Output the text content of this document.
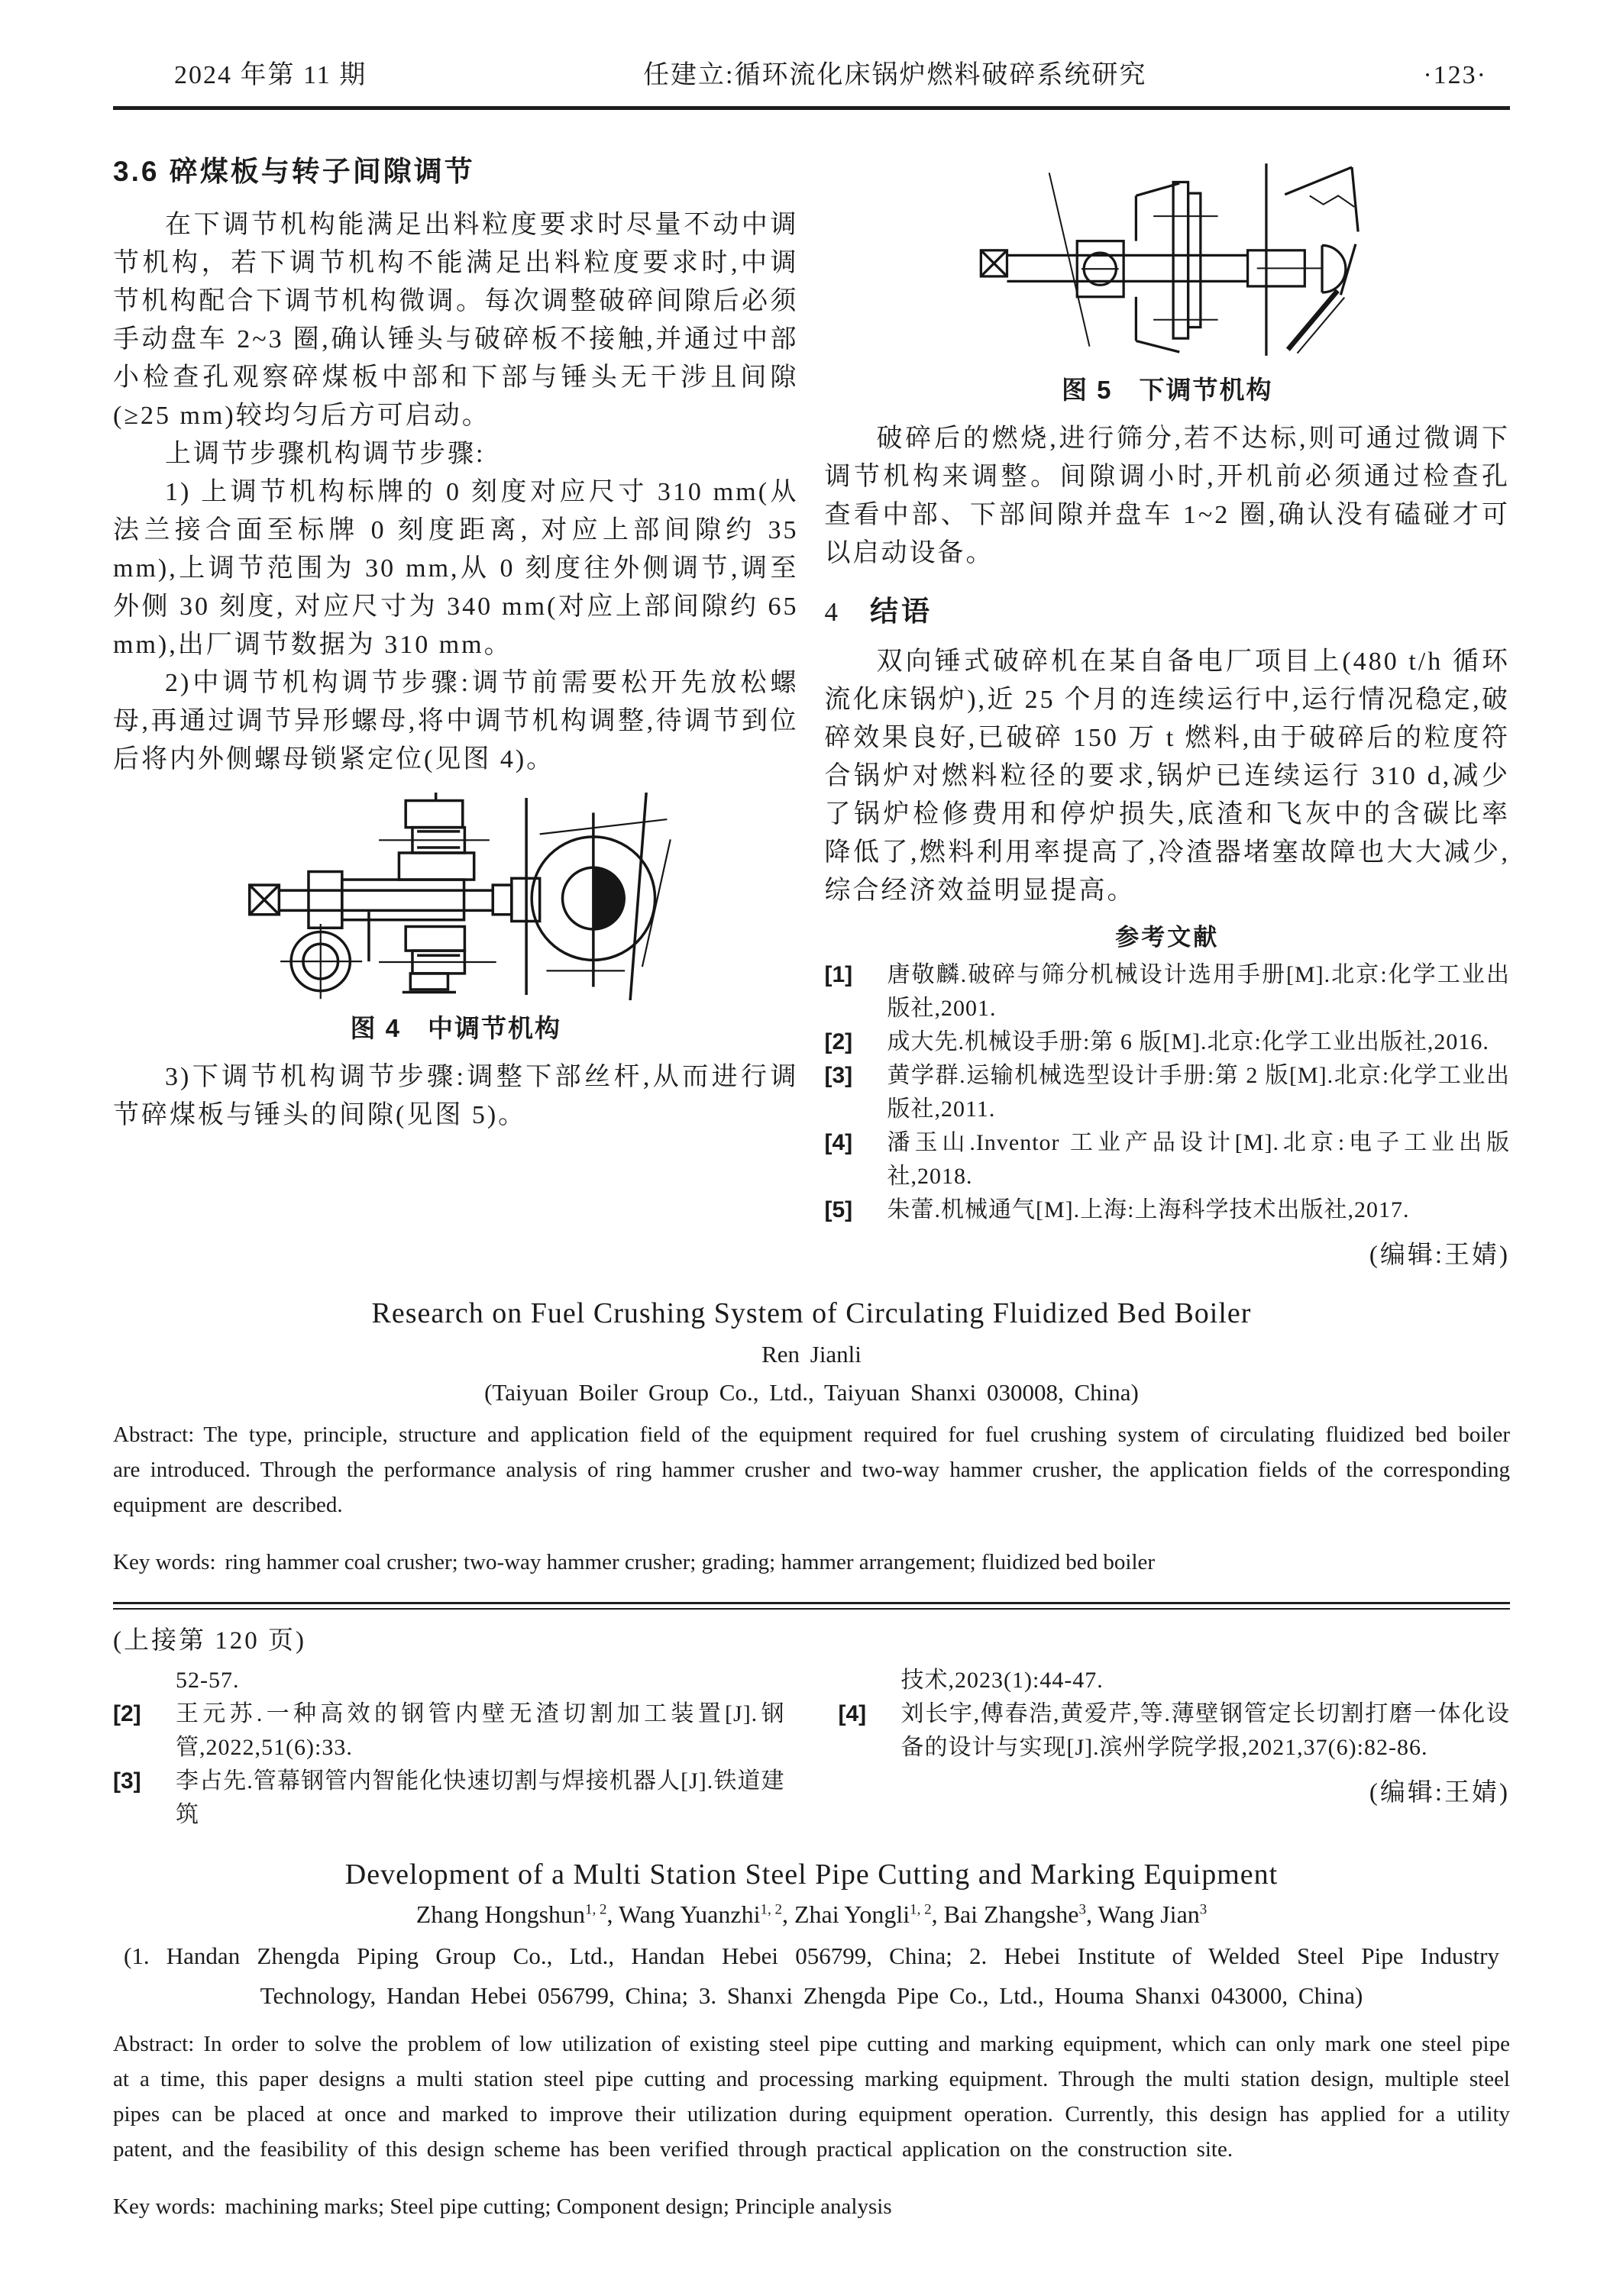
2024 年第 11 期	任建立:循环流化床锅炉燃料破碎系统研究	·123·
3.6 碎煤板与转子间隙调节

在下调节机构能满足出料粒度要求时尽量不动中调节机构，若下调节机构不能满足出料粒度要求时,中调节机构配合下调节机构微调。每次调整破碎间隙后必须手动盘车 2~3 圈,确认锤头与破碎板不接触,并通过中部小检查孔观察碎煤板中部和下部与锤头无干涉且间隙(≥25 mm)较均匀后方可启动。

上调节步骤机构调节步骤:

1) 上调节机构标牌的 0 刻度对应尺寸 310 mm(从法兰接合面至标牌 0 刻度距离, 对应上部间隙约 35 mm),上调节范围为 30 mm,从 0 刻度往外侧调节,调至外侧 30 刻度, 对应尺寸为 340 mm(对应上部间隙约 65 mm),出厂调节数据为 310 mm。

2)中调节机构调节步骤:调节前需要松开先放松螺母,再通过调节异形螺母,将中调节机构调整,待调节到位后将内外侧螺母锁紧定位(见图 4)。

图 4　中调节机构

3)下调节机构调节步骤:调整下部丝杆,从而进行调节碎煤板与锤头的间隙(见图 5)。

图 5　下调节机构

破碎后的燃烧,进行筛分,若不达标,则可通过微调下调节机构来调整。间隙调小时,开机前必须通过检查孔查看中部、下部间隙并盘车 1~2 圈,确认没有磕碰才可以启动设备。

4 结语

双向锤式破碎机在某自备电厂项目上(480 t/h 循环流化床锅炉),近 25 个月的连续运行中,运行情况稳定,破碎效果良好,已破碎 150 万 t 燃料,由于破碎后的粒度符合锅炉对燃料粒径的要求,锅炉已连续运行 310 d,减少了锅炉检修费用和停炉损失,底渣和飞灰中的含碳比率降低了,燃料利用率提高了,冷渣器堵塞故障也大大减少,综合经济效益明显提高。

参考文献
[1]	唐敬麟.破碎与筛分机械设计选用手册[M].北京:化学工业出版社,2001.
[2]	成大先.机械设手册:第 6 版[M].北京:化学工业出版社,2016.
[3]	黄学群.运输机械选型设计手册:第 2 版[M].北京:化学工业出版社,2011.
[4]	潘玉山.Inventor 工业产品设计[M].北京:电子工业出版社,2018.
[5]	朱蕾.机械通气[M].上海:上海科学技术出版社,2017.
(编辑:王婧)
Research on Fuel Crushing System of Circulating Fluidized Bed Boiler
Ren Jianli
(Taiyuan Boiler Group Co., Ltd., Taiyuan Shanxi 030008, China)

Abstract: The type, principle, structure and application field of the equipment required for fuel crushing system of circulating fluidized bed boiler are introduced. Through the performance analysis of ring hammer crusher and two-way hammer crusher, the application fields of the corresponding equipment are described.

Key words: ring hammer coal crusher; two-way hammer crusher; grading; hammer arrangement; fluidized bed boiler

(上接第 120 页)
52-57.
[2]	王元苏.一种高效的钢管内壁无渣切割加工装置[J].钢管,2022,51(6):33.
[3]	李占先.管幕钢管内智能化快速切割与焊接机器人[J].铁道建筑
技术,2023(1):44-47.
[4]	刘长宇,傅春浩,黄爱芹,等.薄壁钢管定长切割打磨一体化设备的设计与实现[J].滨州学院学报,2021,37(6):82-86.
(编辑:王婧)
Development of a Multi Station Steel Pipe Cutting and Marking Equipment
Zhang Hongshun$^{1, 2}$, Wang Yuanzhi$^{1, 2}$, Zhai Yongli$^{1, 2}$, Bai Zhangshe$^3$, Wang Jian$^3$
(1. Handan Zhengda Piping Group Co., Ltd., Handan Hebei 056799, China; 2. Hebei Institute of Welded Steel Pipe Industry Technology, Handan Hebei 056799, China; 3. Shanxi Zhengda Pipe Co., Ltd., Houma Shanxi 043000, China)

Abstract: In order to solve the problem of low utilization of existing steel pipe cutting and marking equipment, which can only mark one steel pipe at a time, this paper designs a multi station steel pipe cutting and processing marking equipment. Through the multi station design, multiple steel pipes can be placed at once and marked to improve their utilization during equipment operation. Currently, this design has applied for a utility patent, and the feasibility of this design scheme has been verified through practical application on the construction site.

Key words: machining marks; Steel pipe cutting; Component design; Principle analysis
